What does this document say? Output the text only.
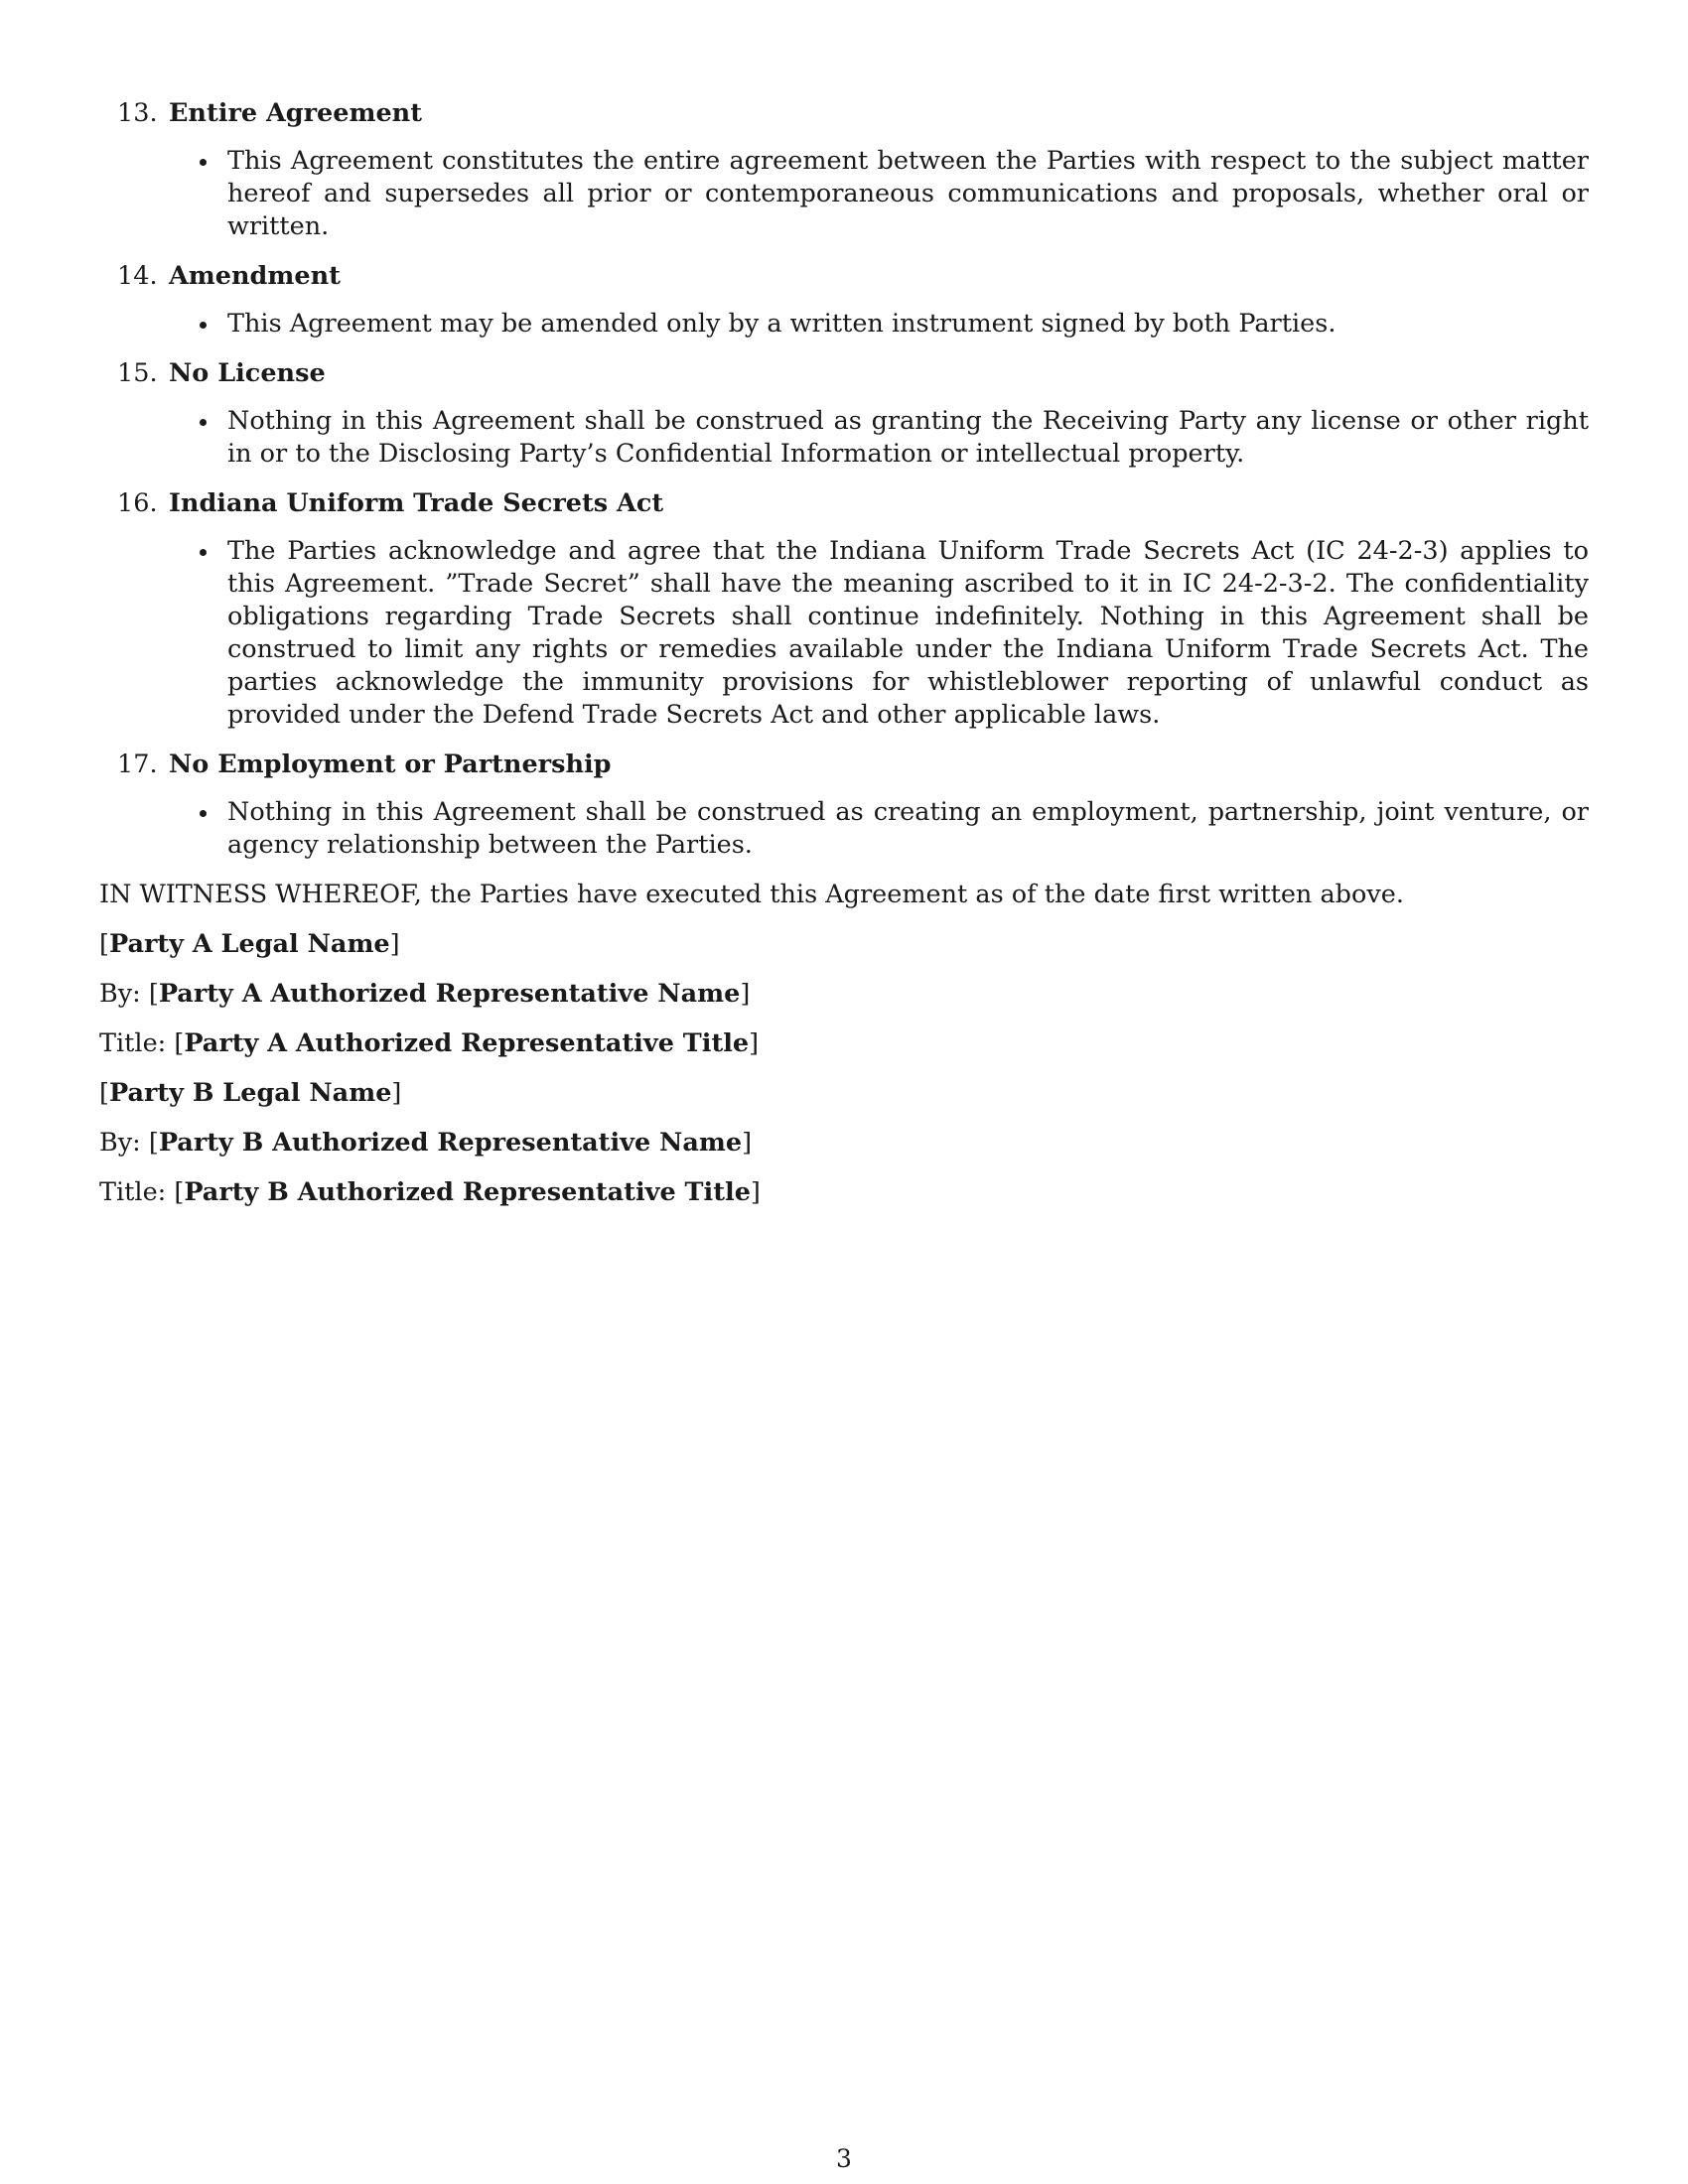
13. Entire Agreement
This Agreement constitutes the entire agreement between the Parties with respect to the subject matter hereof and supersedes all prior or contemporaneous communications and proposals, whether oral or written.
14. Amendment
This Agreement may be amended only by a written instrument signed by both Parties.
15. No License
Nothing in this Agreement shall be construed as granting the Receiving Party any license or other right in or to the Disclosing Party’s Confidential Information or intellectual property.
16. Indiana Uniform Trade Secrets Act
The Parties acknowledge and agree that the Indiana Uniform Trade Secrets Act (IC 24-2-3) applies to this Agreement. ”Trade Secret” shall have the meaning ascribed to it in IC 24-2-3-2. The confidentiality obligations regarding Trade Secrets shall continue indefinitely. Nothing in this Agreement shall be construed to limit any rights or remedies available under the Indiana Uniform Trade Secrets Act. The parties acknowledge the immunity provisions for whistleblower reporting of unlawful conduct as provided under the Defend Trade Secrets Act and other applicable laws.
17. No Employment or Partnership
Nothing in this Agreement shall be construed as creating an employment, partnership, joint venture, or agency relationship between the Parties.
IN WITNESS WHEREOF, the Parties have executed this Agreement as of the date first written above.
[Party A Legal Name]
By: [Party A Authorized Representative Name]
Title: [Party A Authorized Representative Title]
[Party B Legal Name]
By: [Party B Authorized Representative Name]
Title: [Party B Authorized Representative Title]
3
